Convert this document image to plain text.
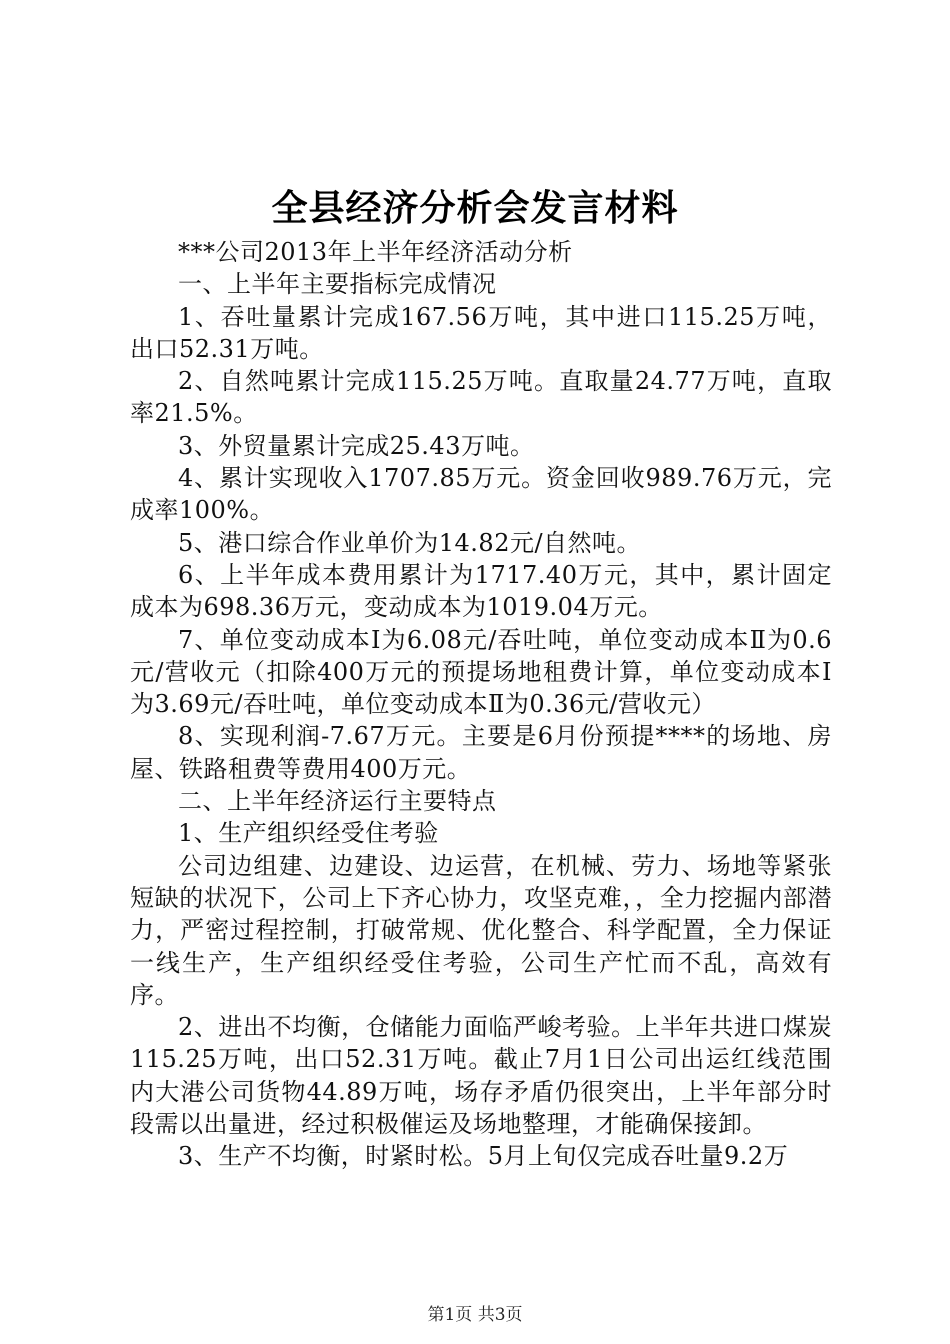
全县经济分析会发言材料

***公司2013年上半年经济活动分析

一、上半年主要指标完成情况

1、吞吐量累计完成167.56万吨，其中进口115.25万吨，出口52.31万吨。

2、自然吨累计完成115.25万吨。直取量24.77万吨，直取率21.5%。

3、外贸量累计完成25.43万吨。

4、累计实现收入1707.85万元。资金回收989.76万元，完成率100%。

5、港口综合作业单价为14.82元/自然吨。

6、上半年成本费用累计为1717.40万元，其中，累计固定成本为698.36万元，变动成本为1019.04万元。

7、单位变动成本Ⅰ为6.08元/吞吐吨，单位变动成本Ⅱ为0.6元/营收元（扣除400万元的预提场地租费计算，单位变动成本Ⅰ为3.69元/吞吐吨，单位变动成本Ⅱ为0.36元/营收元）

8、实现利润-7.67万元。主要是6月份预提****的场地、房屋、铁路租费等费用400万元。

二、上半年经济运行主要特点

1、生产组织经受住考验

公司边组建、边建设、边运营，在机械、劳力、场地等紧张短缺的状况下，公司上下齐心协力，攻坚克难，，全力挖掘内部潜力，严密过程控制，打破常规、优化整合、科学配置，全力保证一线生产，生产组织经受住考验，公司生产忙而不乱，高效有序。

2、进出不均衡，仓储能力面临严峻考验。上半年共进口煤炭115.25万吨，出口52.31万吨。截止7月1日公司出运红线范围内大港公司货物44.89万吨，场存矛盾仍很突出，上半年部分时段需以出量进，经过积极催运及场地整理，才能确保接卸。

3、生产不均衡，时紧时松。5月上旬仅完成吞吐量9.2万

第1页 共3页
